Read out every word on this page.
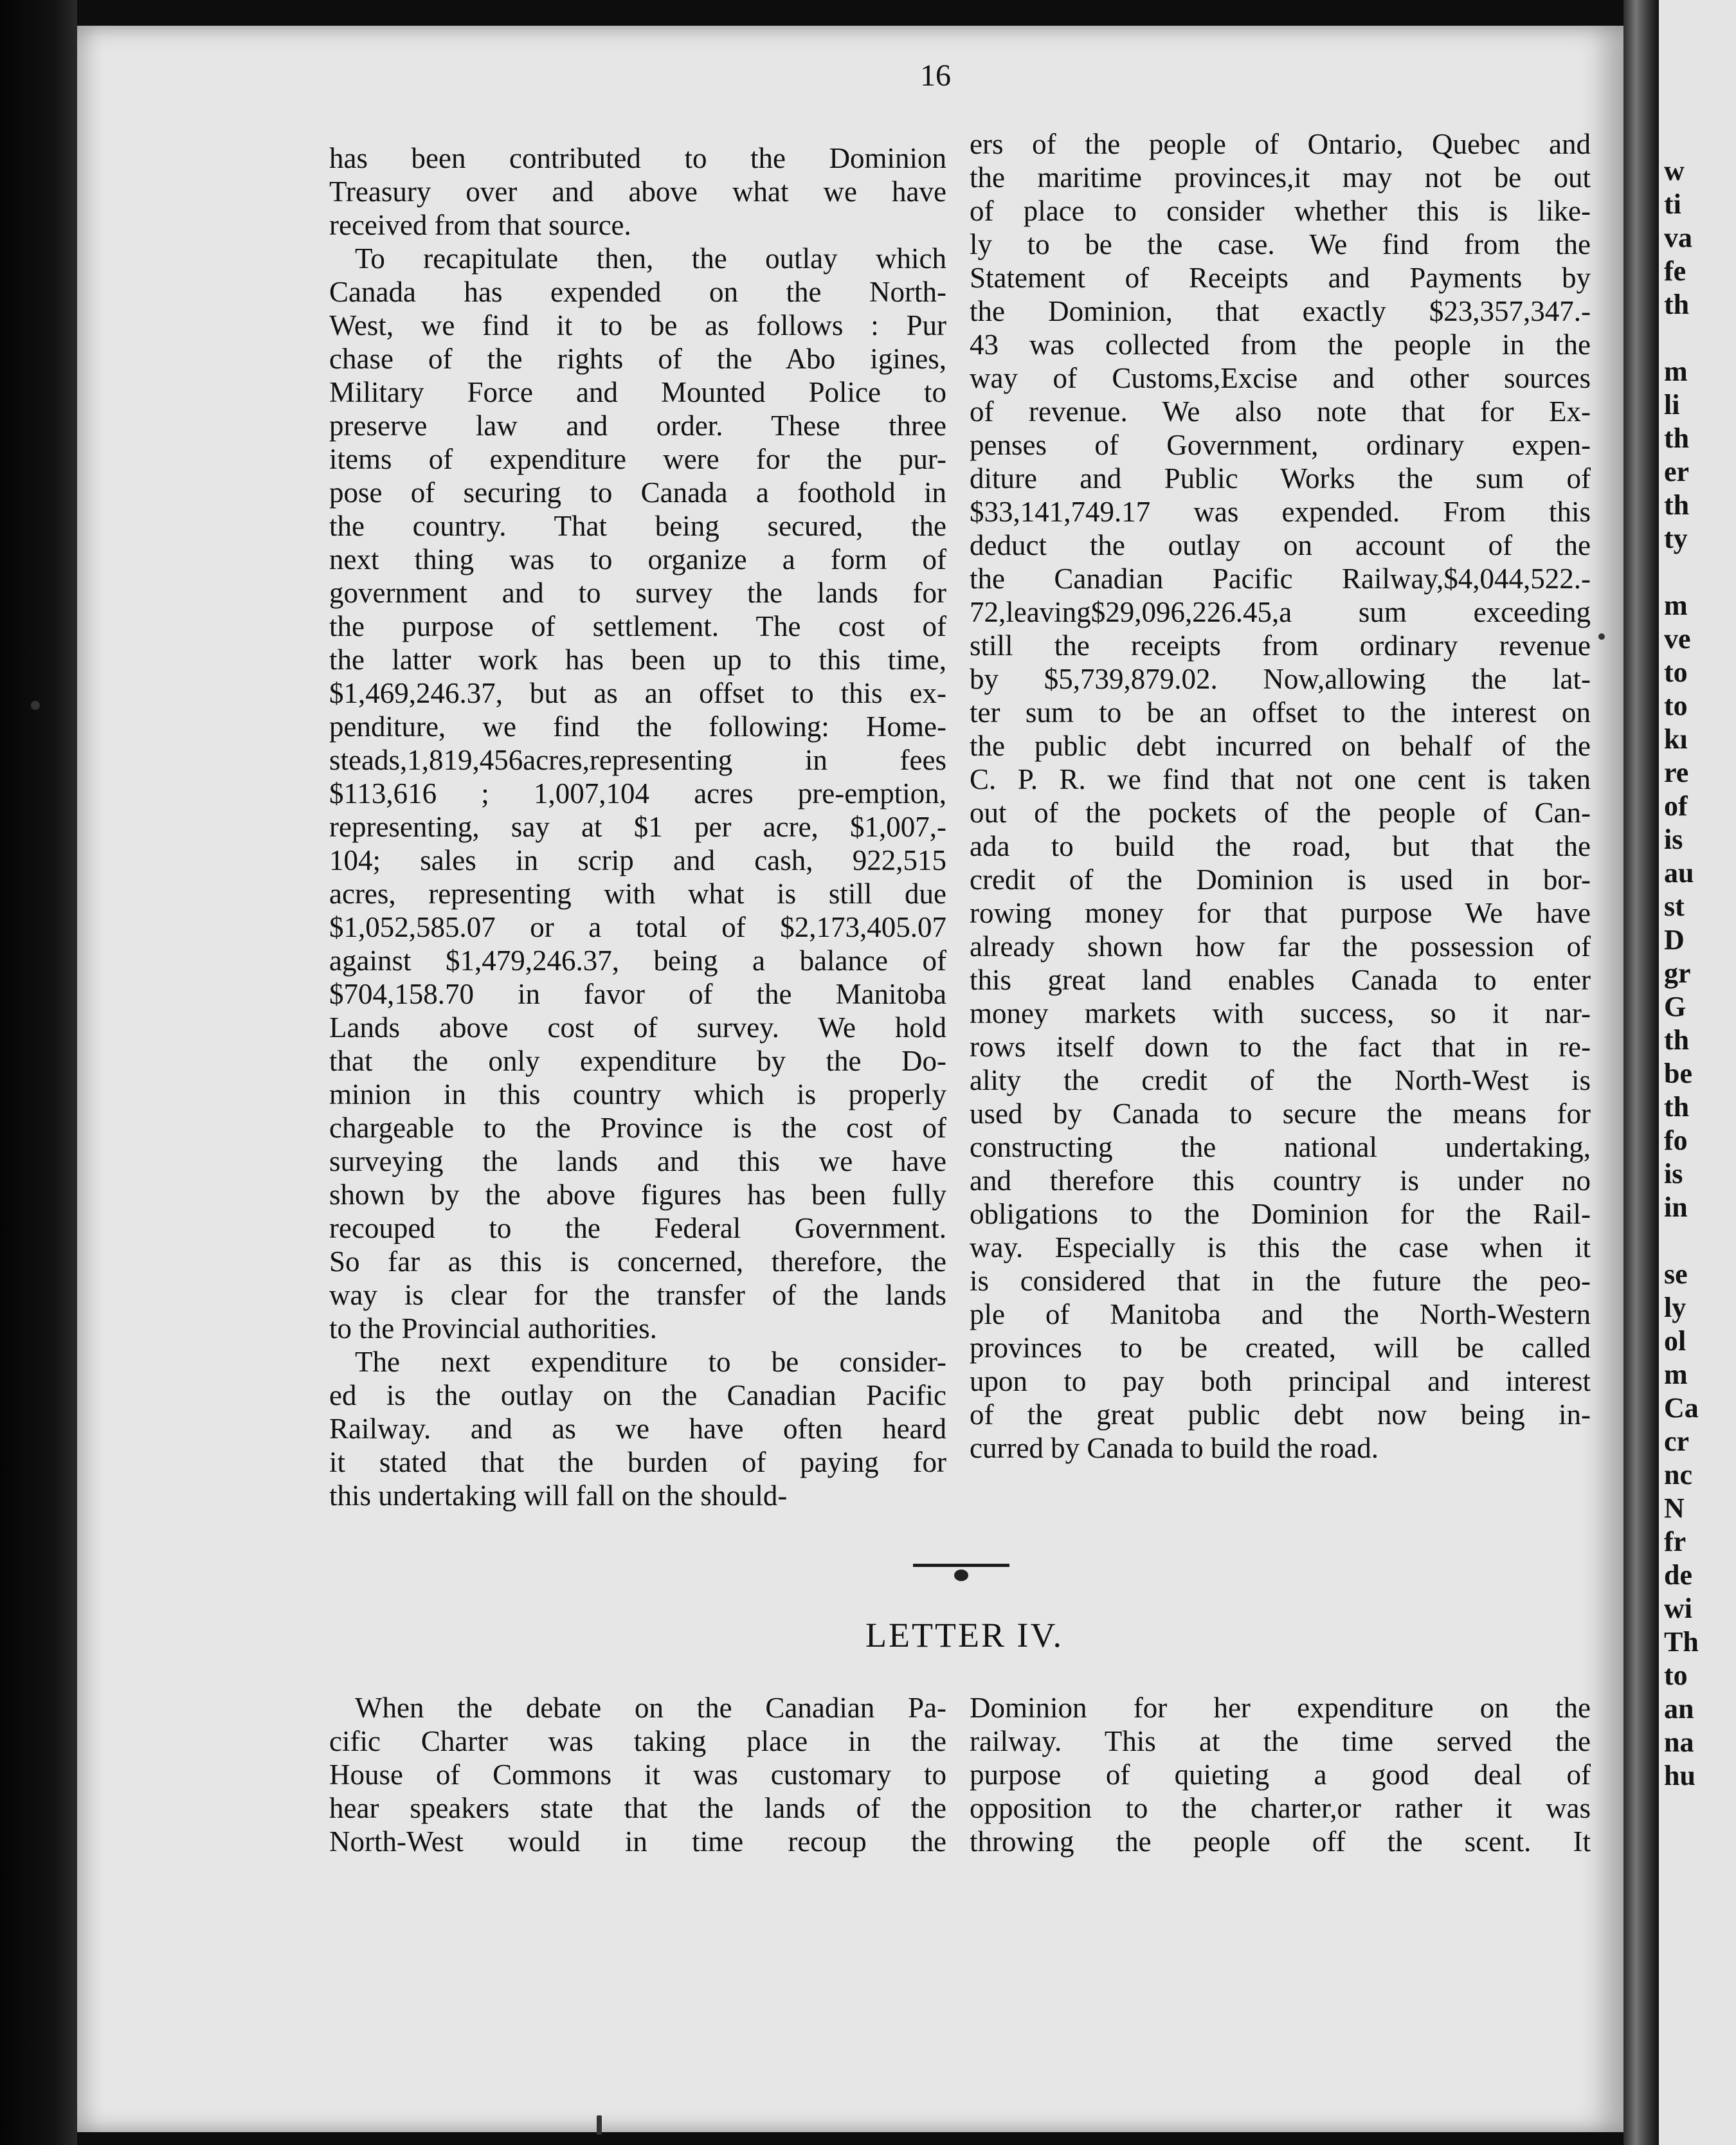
w
ti
va
fe
th
m
li
th
er
th
ty
m
ve
to
to
kı
re
of
is
au
st
D
gr
G
th
be
th
fo
is
in
se
ly
ol
m
Ca
cr
nc
N
fr
de
wi
Th
to
an
na
hu
16
has been contributed to the Dominion
Treasury over and above what we have
received from that source.
To recapitulate then, the outlay which
Canada has expended on the North-
West, we find it to be as follows : Pur
chase of the rights of the Abo igines,
Military Force and Mounted Police to
preserve law and order. These three
items of expenditure were for the pur-
pose of securing to Canada a foothold in
the country. That being secured, the
next thing was to organize a form of
government and to survey the lands for
the purpose of settlement. The cost of
the latter work has been up to this time,
$1,469,246.37, but as an offset to this ex-
penditure, we find the following: Home-
steads,1,819,456acres,representing in fees
$113,616 ; 1,007,104 acres pre-emption,
representing, say at $1 per acre, $1,007,-
104; sales in scrip and cash, 922,515
acres, representing with what is still due
$1,052,585.07 or a total of $2,173,405.07
against $1,479,246.37, being a balance of
$704,158.70 in favor of the Manitoba
Lands above cost of survey. We hold
that the only expenditure by the Do-
minion in this country which is properly
chargeable to the Province is the cost of
surveying the lands and this we have
shown by the above figures has been fully
recouped to the Federal Government.
So far as this is concerned, therefore, the
way is clear for the transfer of the lands
to the Provincial authorities.
The next expenditure to be consider-
ed is the outlay on the Canadian Pacific
Railway. and as we have often heard
it stated that the burden of paying for
this undertaking will fall on the should-
ers of the people of Ontario, Quebec and
the maritime provinces,it may not be out
of place to consider whether this is like-
ly to be the case. We find from the
Statement of Receipts and Payments by
the Dominion, that exactly $23,357,347.-
43 was collected from the people in the
way of Customs,Excise and other sources
of revenue. We also note that for Ex-
penses of Government, ordinary expen-
diture and Public Works the sum of
$33,141,749.17 was expended. From this
deduct the outlay on account of the
the Canadian Pacific Railway,$4,044,522.-
72,leaving$29,096,226.45,a sum exceeding
still the receipts from ordinary revenue
by $5,739,879.02. Now,allowing the lat-
ter sum to be an offset to the interest on
the public debt incurred on behalf of the
C. P. R. we find that not one cent is taken
out of the pockets of the people of Can-
ada to build the road, but that the
credit of the Dominion is used in bor-
rowing money for that purpose We have
already shown how far the possession of
this great land enables Canada to enter
money markets with success, so it nar-
rows itself down to the fact that in re-
ality the credit of the North-West is
used by Canada to secure the means for
constructing the national undertaking,
and therefore this country is under no
obligations to the Dominion for the Rail-
way. Especially is this the case when it
is considered that in the future the peo-
ple of Manitoba and the North-Western
provinces to be created, will be called
upon to pay both principal and interest
of the great public debt now being in-
curred by Canada to build the road.
LETTER IV.
When the debate on the Canadian Pa-
cific Charter was taking place in the
House of Commons it was customary to
hear speakers state that the lands of the
North-West would in time recoup the
Dominion for her expenditure on the
railway. This at the time served the
purpose of quieting a good deal of
opposition to the charter,or rather it was
throwing the people off the scent. It
